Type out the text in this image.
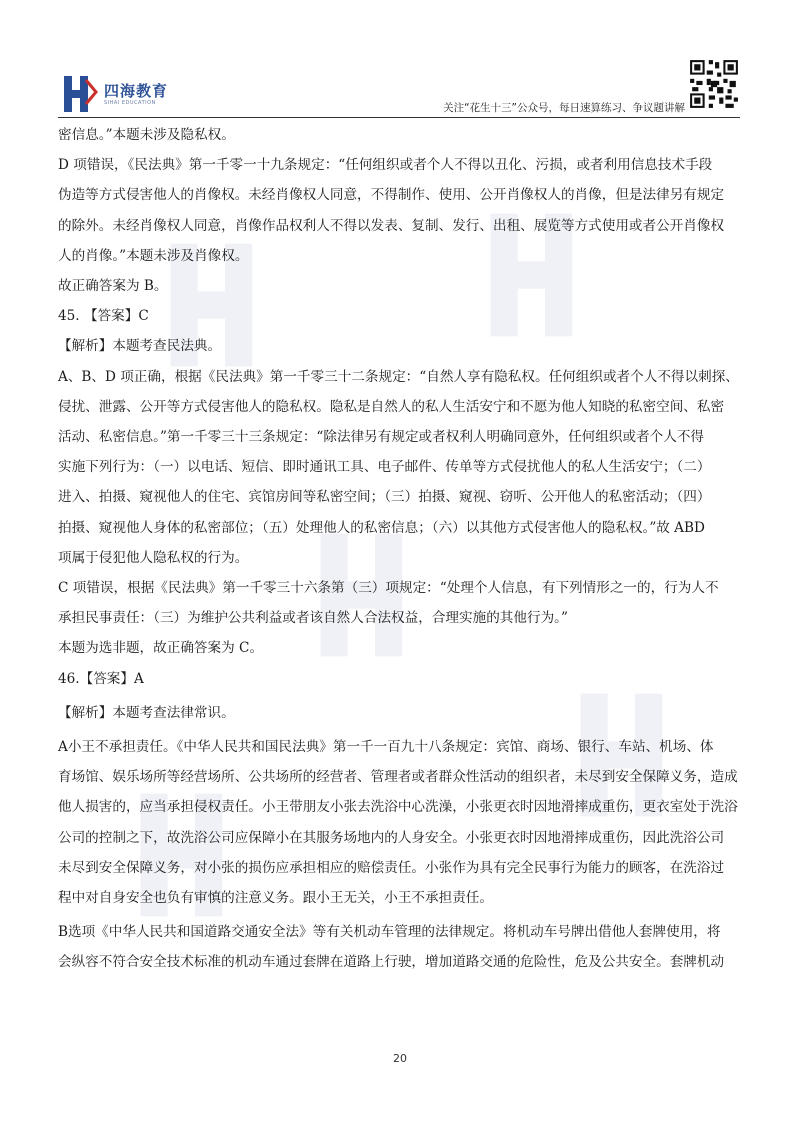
四海教育
SIHAI EDUCATION	关注“花生十三”公众号，每日速算练习、争议题讲解

密信息。”本题未涉及隐私权。

D 项错误，《民法典》第一千零一十九条规定：“任何组织或者个人不得以丑化、污损，或者利用信息技术手段

伪造等方式侵害他人的肖像权。未经肖像权人同意，不得制作、使用、公开肖像权人的肖像，但是法律另有规定

的除外。未经肖像权人同意，肖像作品权利人不得以发表、复制、发行、出租、展览等方式使用或者公开肖像权

人的肖像。”本题未涉及肖像权。

故正确答案为 B。

45. 【答案】C

【解析】本题考查民法典。

A、B、D 项正确，根据《民法典》第一千零三十二条规定：“自然人享有隐私权。任何组织或者个人不得以刺探、

侵扰、泄露、公开等方式侵害他人的隐私权。隐私是自然人的私人生活安宁和不愿为他人知晓的私密空间、私密

活动、私密信息。”第一千零三十三条规定：“除法律另有规定或者权利人明确同意外，任何组织或者个人不得

实施下列行为：（一）以电话、短信、即时通讯工具、电子邮件、传单等方式侵扰他人的私人生活安宁；（二）

进入、拍摄、窥视他人的住宅、宾馆房间等私密空间；（三）拍摄、窥视、窃听、公开他人的私密活动；（四）

拍摄、窥视他人身体的私密部位；（五）处理他人的私密信息；（六）以其他方式侵害他人的隐私权。”故 ABD

项属于侵犯他人隐私权的行为。

C 项错误，根据《民法典》第一千零三十六条第（三）项规定：“处理个人信息，有下列情形之一的，行为人不

承担民事责任：（三）为维护公共利益或者该自然人合法权益，合理实施的其他行为。”

本题为选非题，故正确答案为 C。

46.【答案】A

【解析】本题考查法律常识。

A小王不承担责任。《中华人民共和国民法典》第一千一百九十八条规定：宾馆、商场、银行、车站、机场、体

育场馆、娱乐场所等经营场所、公共场所的经营者、管理者或者群众性活动的组织者，未尽到安全保障义务，造成

他人损害的，应当承担侵权责任。小王带朋友小张去洗浴中心洗澡，小张更衣时因地滑摔成重伤，更衣室处于洗浴

公司的控制之下，故洗浴公司应保障小在其服务场地内的人身安全。小张更衣时因地滑摔成重伤，因此洗浴公司

未尽到安全保障义务，对小张的损伤应承担相应的赔偿责任。小张作为具有完全民事行为能力的顾客，在洗浴过

程中对自身安全也负有审慎的注意义务。跟小王无关，小王不承担责任。

B选项《中华人民共和国道路交通安全法》等有关机动车管理的法律规定。将机动车号牌出借他人套牌使用，将

会纵容不符合安全技术标准的机动车通过套牌在道路上行驶，增加道路交通的危险性，危及公共安全。套牌机动

20
